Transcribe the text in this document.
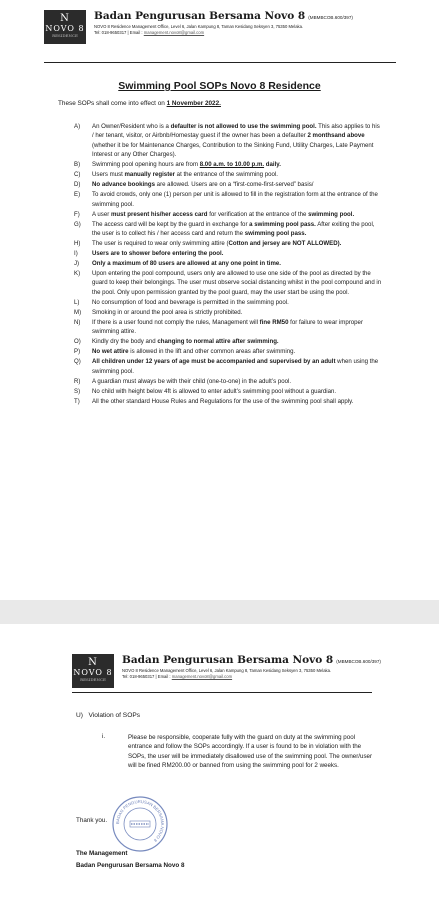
N
NOVO 8
RESIDENCE
Badan Pengurusan Bersama Novo 8 (MBMBCOB.600/397)
NOVO 8 Residence Management Office, Level 6, Jalan Kampung 8, Taman Kesidang Seksyen 3, 75350 Melaka.
Tel: 018-9650317 | Email : management.novo8@gmail.com
Swimming Pool SOPs Novo 8 Residence
These SOPs shall come into effect on 1 November 2022.
A) An Owner/Resident who is a defaulter is not allowed to use the swimming pool. This also applies to his / her tenant, visitor, or Airbnb/Homestay guest if the owner has been a defaulter 2 monthsand above (whether it be for Maintenance Charges, Contribution to the Sinking Fund, Utility Charges, Late Payment Interest or any Other Charges).
B) Swimming pool opening hours are from 8.00 a.m. to 10.00 p.m. daily.
C) Users must manually register at the entrance of the swimming pool.
D) No advance bookings are allowed. Users are on a “first-come-first-served” basis/
E) To avoid crowds, only one (1) person per unit is allowed to fill in the registration form at the entrance of the swimming pool.
F) A user must present his/her access card for verification at the entrance of the swimming pool.
G) The access card will be kept by the guard in exchange for a swimming pool pass. After exiting the pool, the user is to collect his / her access card and return the swimming pool pass.
H) The user is required to wear only swimming attire (Cotton and jersey are NOT ALLOWED).
I) Users are to shower before entering the pool.
J) Only a maximum of 80 users are allowed at any one point in time.
K) Upon entering the pool compound, users only are allowed to use one side of the pool as directed by the guard to keep their belongings. The user must observe social distancing whilst in the pool compound and in the pool. Only upon permission granted by the pool guard, may the user start be using the pool.
L) No consumption of food and beverage is permitted in the swimming pool.
M) Smoking in or around the pool area is strictly prohibited.
N) If there is a user found not comply the rules, Management will fine RM50 for failure to wear improper swimming attire.
O) Kindly dry the body and changing to normal attire after swimming.
P) No wet attire is allowed in the lift and other common areas after swimming.
Q) All children under 12 years of age must be accompanied and supervised by an adult when using the swimming pool.
R) A guardian must always be with their child (one-to-one) in the adult’s pool.
S) No child with height below 4ft is allowed to enter adult’s swimming pool without a guardian.
T) All the other standard House Rules and Regulations for the use of the swimming pool shall apply.
N
NOVO 8
RESIDENCE
Badan Pengurusan Bersama Novo 8 (MBMBCOB.600/397)
NOVO 8 Residence Management Office, Level 6, Jalan Kampung 8, Taman Kesidang Seksyen 3, 75350 Melaka.
Tel: 018-9650317 | Email : management.novo8@gmail.com
U)   Violation of SOPs
i.	Please be responsible, cooperate fully with the guard on duty at the swimming pool entrance and follow the SOPs accordingly. If a user is found to be in violation with the SOPs, the user will be immediately disallowed use of the swimming pool. The owner/user will be fined RM200.00 or banned from using the swimming pool for 2 weeks.
BADAN PENGURUSAN BERSAMA NOVO 8
Thank you.
The Management
Badan Pengurusan Bersama Novo 8
